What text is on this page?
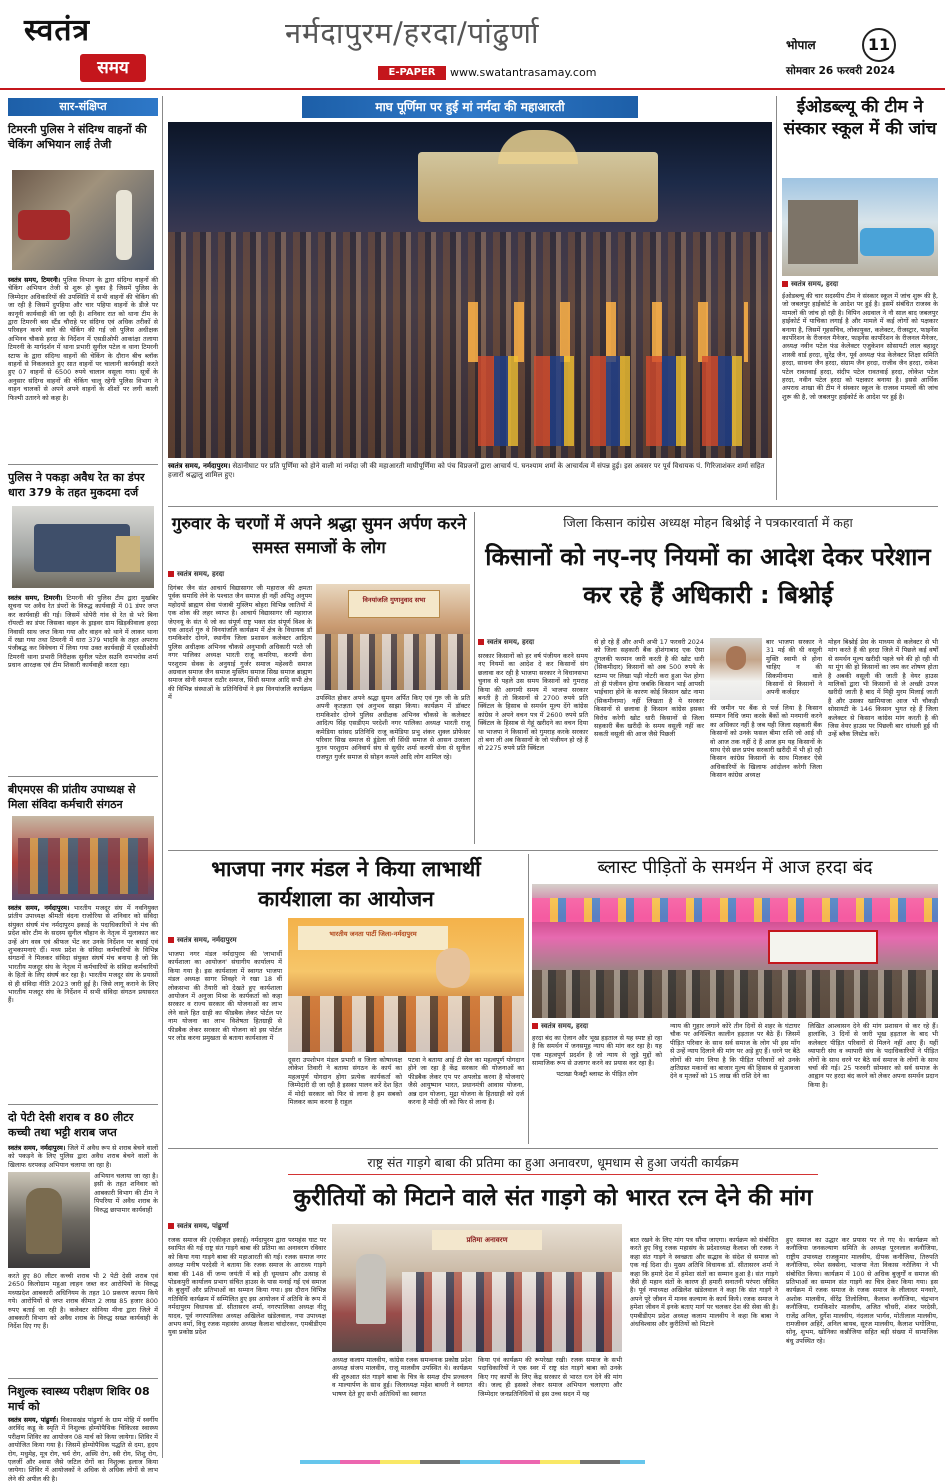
स्वतंत्र
समय
नर्मदापुरम/हरदा/पांढुर्णा
E-PAPER	www.swatantrasamay.com
भोपाल	11
सोमवार 26 फरवरी 2024
सार-संक्षिप्त
टिमरनी पुलिस ने संदिग्ध वाहनों की चेकिंग अभियान लाई तेजी
स्वतंत्र समय, टिमरनी। पुलिस विभाग के द्वारा संदिग्ध वाहनों की चेकिंग अभियान तेजी से शुरू हो चुका है जिसमें पुलिस के जिम्मेदार अधिकारियों की उपस्थिति में सभी वाहनों की चेकिंग की जा रही है जिसमें दुपहिया और चार पहिया वाहनों के डीजे पर कानूनी कार्यवाही की जा रही है। शनिवार रात को थाना टीम के द्वारा टिमरनी बस स्टैंड चौराहे पर संदिग्ध एवं अधिक तरीकों से परिवहन करने वाले की चेकिंग की गई जो पुलिस अधीक्षक अभिनव चौकसे हरदा के निर्देशन में एसडीओपी आकांक्षा तलाया टिमरनी के मार्गदर्शन में थाना प्रभारी सुनील पटेल व थाना टिमरनी स्टाफ के द्वारा संदिग्ध वाहनों की चेकिंग के दौरान बीच ब्लॉक वाहनों से निकलवाते हुए सात वाहनों पर चालानी कार्यवाही करते हुए 07 वाहनों से 6500 रुपये चालान वसूला गया। सूत्रों के अनुसार संदिग्ध वाहनों की चेकिंग चालू रहेगी पुलिस विभाग ने वाहन चालकों से अपने अपने वाहनों के शीशों पर लगी काली फिल्मी उतारने को कहा है।
पुलिस ने पकड़ा अवैध रेत का डंपर धारा 379 के तहत मुकदमा दर्ज
स्वतंत्र समय, टिमरनी। टिमरनी की पुलिस टीम द्वारा मुखबिर सूचना पर अवैध रेत डंपरों के विरुद्ध कार्यवाही में 01 डंपर जप्त कर कार्यवाही की गई। जिसमें थोपेरी गांव से रेत से भरे बिना रॉयल्टी का डंपर जिसका वाहन के ड्राइवर ग्राम खिड़कीवाला हरदा निवासी साथ जप्त किया गया और वाहन को थाने में लाकर थाना में रखा गया तथा टिमरनी में धारा 379 भादवि के तहत अपराध पंजीबद्ध कर विवेचना में लिया गया उक्त कार्यवाही में एसडीओपी टिमरनी थाना प्रभारी निरीक्षक सुनील पटेल सउनि रामभरोस शर्मा प्रधान आरक्षक एवं टीम शिकारी कार्यवाही करता रहा।
बीएमएस की प्रांतीय उपाध्यक्ष से मिला संविदा कर्मचारी संगठन
स्वतंत्र समय, नर्मदापुरम। भारतीय मजदूर संघ में नवनियुक्त प्रांतीय उपाध्यक्ष श्रीमती वंदना राजोरिया से शनिवार को संविदा संयुक्त संघर्ष मंच नर्मदापुरम इकाई के पदाधिकारियों ने मंच की प्रदेश कोर टीम के सदस्य सुनील चौहान के नेतृत्व में मुलाकात कर उन्हें अंग वस्त्र एवं श्रीफल भेंट कर उनके निर्देशन पर बधाई एवं शुभकामनाएं दीं। मध्य प्रदेश के संविदा कर्मचारियों के विभिन्न संगठनों ने मिलकर संविदा संयुक्त संघर्ष मंच बनाया है जो कि भारतीय मजदूर संघ के नेतृत्व में कर्मचारियों के संविदा कर्मचारियों के हितों के लिए संघर्ष कर रहा है। भारतीय मजदूर संघ के प्रयासों से ही संविदा नीति 2023 जारी हुई है। जिसे लागू कराने के लिए भारतीय मजदूर संघ के निर्देशन में सभी संविदा संगठन प्रयासरत हैं।
दो पेटी देसी शराब व 80 लीटर कच्ची तथा भट्टी शराब जप्त
स्वतंत्र समय, नर्मदापुरम। जिले में अवैध रूप से शराब बेचने वालों को पकड़ने के लिए पुलिस द्वारा अवैध शराब बेचने वालों के खिलाफ धरपकड़ अभियान चलाया जा रहा है।
अभियान चलाया जा रहा है। इसी के तहत शनिवार को आबकारी विभाग की टीम ने पिपरिया में अवैध शराब के विरुद्ध छापामार कार्यवाही
करते हुए 80 लीटर कच्ची शराब भी 2 पेटी देसी शराब एवं 2650 किलोग्राम महुआ लाहन जब्त कर आरोपियों के विरुद्ध मध्यप्रदेश आबकारी अधिनियम के तहत 10 प्रकरण कायम किये गये। आरोपियों से जप्त शराब कीमत 2 लाख 85 हजार 800 रुपए बताई जा रही है। कलेक्टर सोनिया मीना द्वारा जिले में आबकारी विभाग को अवैध शराब के विरुद्ध सख्त कार्यवाही के निर्देश दिए गए हैं।
निशुल्क स्वास्थ्य परीक्षण शिविर 08 मार्च को
स्वतंत्र समय, पांढुर्णा। विकासखंड पांढुर्णा के ग्राम मोहि में स्वर्गीय अरविंद कडू के स्मृति में निशुल्क होम्योपैथिक चिकित्सा स्वास्थ्य परीक्षण शिविर का आयोजन 08 मार्च को किया जायेगा। शिविर में आयोजित किया गया है। जिसमें होम्योपैथिक पद्धति से दमा, हृदय रोग, मधुमेह, मूत्र रोग, चर्म रोग, अस्थि रोग, स्त्री रोग, शिशु रोग, एलर्जी और श्वास जैसे जटिल रोगों का निशुल्क इलाज किया जायेगा। शिविर में आयोजकों ने अधिक से अधिक लोगों से लाभ लेने की अपील की है।
माघ पूर्णिमा पर हुई मां नर्मदा की महाआरती
स्वतंत्र समय, नर्मदापुरम। सेठानीघाट पर प्रति पूर्णिमा को होने वाली मां नर्मदा जी की महाआरती माघीपूर्णिमा को पंच विप्रजनों द्वारा आचार्य पं. घनश्याम शर्मा के आचार्यत्व में संपन्न हुई। इस अवसर पर पूर्व विधायक पं. गिरिजाशंकर शर्मा सहित हजारों श्रद्धालु शामिल हुए।
ईओडब्ल्यू की टीम ने संस्कार स्कूल में की जांच
स्वतंत्र समय, हरदा
ईओडब्ल्यू की चार सदस्यीय टीम ने संस्कार स्कूल में जांच शुरू की है, जो जबलपुर हाईकोर्ट के आदेश पर हुई है। इसमें संबंधित राजस्व के मामलों की जांच हो रही है। विपिन अग्रवाल ने नौ साल बाद जबलपुर हाईकोर्ट में याचिका लगाई है और मामले में कई लोगों को पक्षकार बनाया है, जिसमें गृहसचिव, लोकायुक्त, कलेक्टर, रीजस्ट्रार, फाइनेंस कार्पोरेशन के रीजनल मैनेजर, फाइनेंस कार्पोरेशन के रीजनल मैनेजर, अध्यक्ष नवीन पटेल फंड केलेक्टर एजुकेशन सोसायटी लाल बहादुर शास्त्री वार्ड हरदा, सुरेंद्र जैन, पूर्व अध्यक्ष फंड केलेक्टर शिक्षा समिति हरदा, साधना जैन हरदा, संग्राम जैन हरदा, राजीव जैन हरदा, राकेश पटेल रावतवाई हरदा, संदीप पटेल रावतवाई हरदा, लोकेश पटेल हरदा, नवीन पटेल हरदा को पक्षकार बनाया है। इससे आर्थिक अपराध शाखा की टीम ने संस्कार स्कूल के राजस्व मामलों की जांच शुरू की है, जो जबलपुर हाईकोर्ट के आदेश पर हुई है।
गुरुवार के चरणों में अपने श्रद्धा सुमन अर्पण करने समस्त समाजों के लोग
स्वतंत्र समय, हरदा
विनयांजलि गुणानुवाद सभा
दिगंबर जैन संत आचार्य विद्यासागर जी महाराज की क्षमता पूर्वक समाधि लेने के पश्चात जैन समाज ही नहीं अपितु अनुपम महोदयों ब्राह्मण सेवा पंजाबी मुस्लिम बोहरा विभिन्न जातियों में एक शोक की लहर व्याप्त है। आचार्य विद्यासागर जी महाराज जेएनयू के संत थे जो का संपूर्ण राष्ट्र भक्त संत संपूर्ण विश्व के एक आदर्श गुरु थे विनयांजलि कार्यक्रम में क्षेत्र के विधायक डॉ रामकिशोर दोगने, स्थानीय जिला प्रशासन कलेक्टर आदित्य पुलिस अधीक्षक अभिनव चौकसे अनुभावी अधिकारी परते जी नगर पालिका अध्यक्ष भारती राजू कमरिया, करणी सेना परशुराम सेवक के अनुयाई गुर्जर समाज महेश्वरी समाज अग्रवाल समाज जैन समाज मुस्लिम समाज सिख समाज ब्राह्मण समाज सोनी समाज राठौर समाज, सिंधी समाज आदि सभी क्षेत्र की विभिन्न संस्थाओं के प्रतिनिधियों ने इस विनयांजलि कार्यक्रम में	उपस्थित होकर अपने श्रद्धा सुमन अर्पित किए एवं गुरु जी के प्रति अपनी कृतज्ञता एवं अनुभव साझा किया। कार्यक्रम में डॉक्टर रामकिशोर दोगने पुलिस अधीक्षक अभिनव चौकसे के कलेक्टर आदित्य सिंह एसडीएम परदेशी नगर पालिका अध्यक्ष भारती राजू कमेडिया सांसद प्रतिनिधि राजू कमेडिया प्रभु शंकर शुक्ल प्रोफेसर परिवार सिख समाज से डूंडेला जी सिंधी समाज से आसन उजाला नूतन परशुराम अनिवार्य संघ से सुधीर शर्मा करणी सेना से सुनील राजपूत गुर्जर समाज से सोहन कमले आदि लोग शामिल रहे।
जिला किसान कांग्रेस अध्यक्ष मोहन बिश्नोई ने पत्रकारवार्ता में कहा
किसानों को नए-नए नियमों का आदेश देकर परेशान कर रहे हैं अधिकारी : बिश्नोई
स्वतंत्र समय, हरदा
सरकार किसानों को हर वर्ष पंजीयन करने समय नए नियमों का आदेश दे कर किसानों संग छलावा कर रही है भाजपा सरकार ने विधानसभा चुनाव से पहले उस समय किसानों को गुमराह किया की आगामी समय में भाजपा सरकार बनती है तो किसानों से 2700 रुपये प्रति क्विंटल के हिसाब से समर्थन मूल्य देंगे कांग्रेस कांग्रेस ने अपने वचन पत्र में 2600 रुपये प्रति क्विंटल के हिसाब से गेहूं खरीदने का वचन दिया था भाजपा ने किसानों को गुमराह करके सरकार तो बना ली अब किसानों के जो पंजीयन हो रहे हैं वो 2275 रुपये प्रति क्विंटल
से हो रहे हैं और अभी अभी 17 फरवरी 2024 को जिला सहकारी बैंक होशंगाबाद एक ऐसा तुगलकी फरमान जारी करती है की खोट धारी (सिकमीदार) किसानों को अब 500 रुपये के स्टाम्प पर लिखा पढ़ी नोटरी करा हुआ पेश होगा तो ही पंजीयन होगा जबकि किसान भाई आपसी भाईचारा होने के कारण कोई किसान खोट नामा (सिकमीनामा) नहीं लिखता है ये सरकार किसानों से छलावा है किसान कांग्रेस इसका विरोध करेगी खोट धारी किसानों से जिला सहकारी बैंक खरीदी के समय वसूली नहीं कर सकती वसूली की आज जैसे पिछली
बार भाजपा सरकार ने 31 मई की थी वसूली मुक्ति स्वामी से होना चाहिए न की सिकमीनामा वाले किसानों से किसानों ने अपनी कर्जदार
की जमीन पर बैंक से पर्ज लिया है किसान सम्मान निधि जमा करके बैंकों को मनमानी करने का अधिकार नहीं है जब यही जिला सहकारी बैंक किसानों को उनके फसल बीमा राशि जो आई थी वो आज तक नहीं दे हैं आज हम यह किसानों के साथ ऐसे छल प्रपंच सरकारी खरीदी में भी हो रही किसान कांग्रेस किसानों के साथ मिलकर ऐसे अधिकारियों के खिलाफ आंदोलन करेगी जिला किसान कांग्रेस अध्यक्ष
मोहन बिश्नोई प्रेस के माध्यम से कलेक्टर से भी मांग करते हैं की हरदा जिले में पिछले कई वर्षों से समर्थन मूल्य खरीदी पहले चने की हो रही थी या मूंग की हो किसानों का जम कर शोषण होता है अबकी वसूली की जाती है वेयर हाउस मालिकों द्वारा भी किसानों से ले अच्छी उपज खरीदी जाती है बाद में मिट्टी मुरम मिलाई जाती है और उसका खामियाजा आज भी चौकड़ी सोसायटी के 146 किसान भुगत रहे हैं जिला कलेक्टर से किसान कांग्रेस मांग करती है की जिस वेयर हाउस पर पिछली बार धांधली हुई थी उन्हें ब्लैक लिस्टेड करें।
भाजपा नगर मंडल ने किया लाभार्थी कार्यशाला का आयोजन
स्वतंत्र समय, नर्मदापुरम
भारतीय जनता पार्टी जिला-नर्मदापुरम
भाजपा नगर मंडल नर्मदापुरम की 'लाभार्थी कार्यशाला का आयोजन' संघागीय कार्यालय में किया गया है। इस कार्यशाला में स्वागत भाजपा मंडल अध्यक्ष सागर शिवहरे ने रखा 18 वीं लोकसभा की तैयारी को देखते हुए कार्यशाला आयोजन में अनुजा मिश्रा के कार्यकर्ता को कहा सरकार व राज्य सरकार की योजनाओं का लाभ लेने वाले हित ग्राही का फीडबैक लेकर पोर्टल पर नाम योजना का लाभ विशेषता हितग्राही से फीडबैक लेकर सरकार की योजना को इस पोर्टल पर लोड करना प्रमुखता से बताया कार्यशाला में
दूसरा उपशोभन मंडल प्रभारी व जिला कोषाध्यक्ष लोकेश तिवारी ने बताया संगठन के कार्य का महत्वपूर्ण योगदान होगा प्रत्येक कार्यकर्ता को जिम्मेदारी दी जा रही है इसका पालन करें देश हित में मोदी सरकार को फिर से लाना है हम सबको मिलकर काम करना है राहुल
पटवा ने बताया आई टी सेल का महत्वपूर्ण योगदान होने जा रहा है केंद्र सरकार की योजनाओं का फीडबैक लेकर एप पर अपलोड करना है योजनाएं जैसे आयुष्मान भारत, प्रधानमंत्री आवास योजना, अन्न दान योजना, मुद्रा योजना के हितग्राही को दर्ज करना है मोदी जी को फिर से लाना है।
ब्लास्ट पीड़ितों के समर्थन में आज हरदा बंद
स्वतंत्र समय, हरदा
हरदा बंद का ऐलान और भूख हड़ताल से यह स्पष्ट हो रहा है कि समर्थन में जनसमूह न्याय की मांग कर रहा है। यह एक महत्वपूर्ण प्रदर्शन है जो न्याय से जुड़े मुद्दों को सामाजिक रूप से उजागर करने का प्रयास कर रहा है।
पटाखा फैक्ट्री ब्लास्ट के पीड़ित लोग
न्याय की गुहार लगाने कोरे तीन दिनों से शहर के घंटाघर चौक पर अनिश्चित कालीन हड़ताल पर बैठे हैं। जिसमें पीड़ित परिवार के साथ सर्व समाज के लोग भी इस माँग से उन्हें न्याय दिलाने की मांग पर अड़े हुए हैं। धरने पर बैठे लोगों की मांग लिया है कि पीड़ित परिवारों को उनके क्षतिग्रस्त मकानों का बाजार मूल्य की हिसाब से मुआवजा देने व मृतकों को 15 लाख की राशि देने का
लिखित आश्वासन देने की मांग प्रशासन से कर रहे हैं। हालांकि, 3 दिनों से जारी भूख हड़ताल के बाद भी कलेक्टर पीड़ित परिवारों से मिलने नहीं आए हैं। यहीं व्यापारी संघ व व्यापारी संघ के पदाधिकारियों ने पीड़ित लोगों के साथ धरने पर बैठे सर्व समाज के लोगों के साथ चर्चा की गई। 25 फरवरी सोमवार को सर्व समाज के आह्वान पर हरदा बंद करने को लेकर अपना समर्थन प्रदान किया है।
राष्ट्र संत गाड़गे बाबा की प्रतिमा का हुआ अनावरण, धूमधाम से हुआ जयंती कार्यक्रम
कुरीतियों को मिटाने वाले संत गाड़गे को भारत रत्न देने की मांग
स्वतंत्र समय, पांढुर्णा
प्रतिमा अनावरण
रजक समाज की (एकीकृत इकाई) नर्मदापुरम द्वारा परमहंस घाट पर स्थापित की गई राष्ट्र संत गाड़गे बाबा की प्रतिमा का अनावरण रविवार को किया गया गाड़गे बाबा की महाआरती की गई। रजक समाज नगर अध्यक्ष मनीष परदेसी ने बताया कि रजक समाज के आराध्य गाड़गे बाबा की 148 वीं जन्म जयंती में बड़े ही धूमधाम और उत्साह से पोडकपुरी कार्यालय प्रभाग संचित हाउस के पास मनाई गई एवं समाज के बुजुर्गों और प्रतिभाओं का सम्मान किया गया। इस दौरान विभिन्न गतिविधि कार्यक्रम में सम्मिलित हुए इस आयोजन में अतिथि के रूप में नर्मदापुरम विधायक डॉ. सीतासरन शर्मा, नगरपालिका अध्यक्ष नीतू यादव, पूर्व नगरपालिका अध्यक्ष अखिलेश खंडेलवाल, नपा उपाध्यक्ष अभय वर्मा, विधु रजक महासंघ अध्यक्ष कैलाश चांदोरकर, एमबीडीएम युवा प्रकोष्ठ प्रदेश
अध्यक्ष कलाम मालवीय, कांग्रेस रजक समन्वयक प्रकोष्ठ प्रदेश अध्यक्ष संजय मालवीय, राजू मालवीय उपस्थित थे। कार्यक्रम की शुरुआत संत गाड़गे बाबा के चित्र के समक्ष दीप प्रज्वलन व माल्यार्पण के साथ हुई। जिलाध्यक्ष महेश बाथरी ने स्वागत भाषण देते हुए सभी अतिथियों का स्वागत
किया एवं कार्यक्रम की रूपरेखा रखी। रजक समाज के सभी पदाधिकारियों ने एक स्वर में राष्ट्र संत गाड़गे बाबा को उनके किए गए कार्यों के लिए केंद्र सरकार से भारत रत्न देने की मांग की। जल्द ही इसको लेकर समाज अभियान चलाएगा और जिम्मेदार जनप्रतिनिधियों से इस उच्च सदन में यह
बात रखने के लिए मांग पत्र सौंपा जाएगा। कार्यक्रम को संबोधित करते हुए विधु रजक महासंघ के प्रदेशाध्यक्ष कैलाश जी रजक ने कहा संत गाड़गे ने स्वच्छता और सद्भाव के संदेश से समाज को एक नई दिशा दी। मुख्य अतिथि विधायक डॉ. सीतासरन शर्मा ने कहा कि हमारे देश में हमेशा संतों का सम्मान हुआ है। संत गाड़गे जैसे ही महान संतों के कारण ही हमारी सनातनी परंपरा जीवित है। पूर्व नपाध्यक्ष अखिलेश खंडेलवाल ने कहा कि संत गाड़गे ने अपने पूरे जीवन में मानव कल्याण के कार्य किये। रजक समाज ने हमेशा जीवन में इनके बताए मार्ग पर चलकर देश की सेवा की है। एमबीडीएम प्रदेश अध्यक्ष कलाम मालवीय ने कहा कि बाबा ने अंधविश्वास और कुरीतियों को मिटाने
हुए समाज का उद्धार कर प्रयास पर ले गए थे। कार्यक्रम को कनौजिया जनकल्याण समिति के अध्यक्ष पूरनलाल कनौजिया, राष्ट्रीय उपाध्यक्ष राजकुमार मालवीय, दीपक कनौजिया, तिरुपति कनौजिया, रमेश सक्सेना, भाजपा नेता विकास नरोलिया ने भी संबोधित किया। कार्यक्रम में 100 से अधिक बुजुर्गों व समाज की प्रतिभाओं का सम्मान संत गाड़गे का चित्र देकर किया गया। इस कार्यक्रम में रजक समाज के रजक समाज के लीलाधर मनवारे, अशोक मालवीय, वीरेंद्र तिलोलिया, कैलाश कनौजिया, चंद्रभान कनौजिया, रामकिशोर मालवीय, अजित चौधरी, शंकर परदेसी, राजेंद्र अनिल, दुर्गेश मालवीय, नंदलाल भार्गव, मोतीलाल मालवीय, रामजीवन अहिरे, अनिल बायब, सूरज मालवीय, कैलाश भगोलिया, सोनू, शुभम, खोनिका कन्नौजिया सहित बड़ी संख्या में सामाजिक बंधु उपस्थित रहे।
